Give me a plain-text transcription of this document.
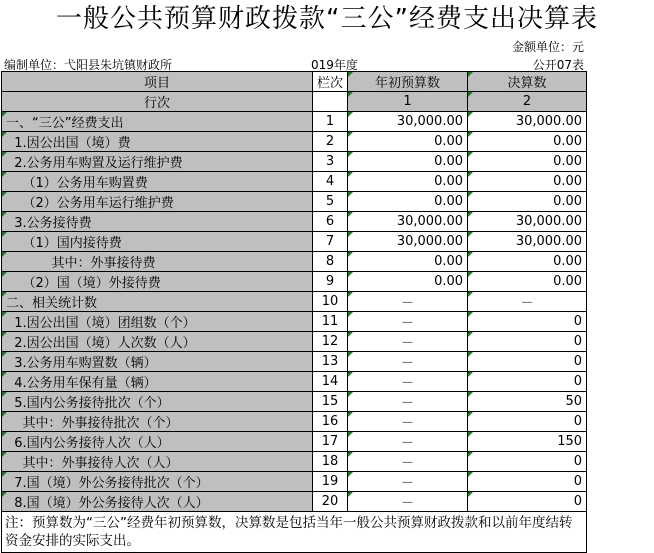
一般公共预算财政拨款“三公”经费支出决算表
金额单位：元
编制单位：弋阳县朱坑镇财政所	019年度	公开07表
项目	栏次	年初预算数	决算数
行次		1	2
一、“三公”经费支出	1	30,000.00	30,000.00
1.因公出国（境）费	2	0.00	0.00
2.公务用车购置及运行维护费	3	0.00	0.00
（1）公务用车购置费	4	0.00	0.00
（2）公务用车运行维护费	5	0.00	0.00
3.公务接待费	6	30,000.00	30,000.00
（1）国内接待费	7	30,000.00	30,000.00
其中：外事接待费	8	0.00	0.00
（2）国（境）外接待费	9	0.00	0.00
二、相关统计数	10	－	－
1.因公出国（境）团组数（个）	11	－	0
2.因公出国（境）人次数（人）	12	－	0
3.公务用车购置数（辆）	13	－	0
4.公务用车保有量（辆）	14	－	0
5.国内公务接待批次（个）	15	－	50
其中：外事接待批次（个）	16	－	0
6.国内公务接待人次（人）	17	－	150
其中：外事接待人次（人）	18	－	0
7.国（境）外公务接待批次（个）	19	－	0
8.国（境）外公务接待人次（人）	20	－	0
注：预算数为“三公”经费年初预算数，决算数是包括当年一般公共预算财政拨款和以前年度结转资金安排的实际支出。			
